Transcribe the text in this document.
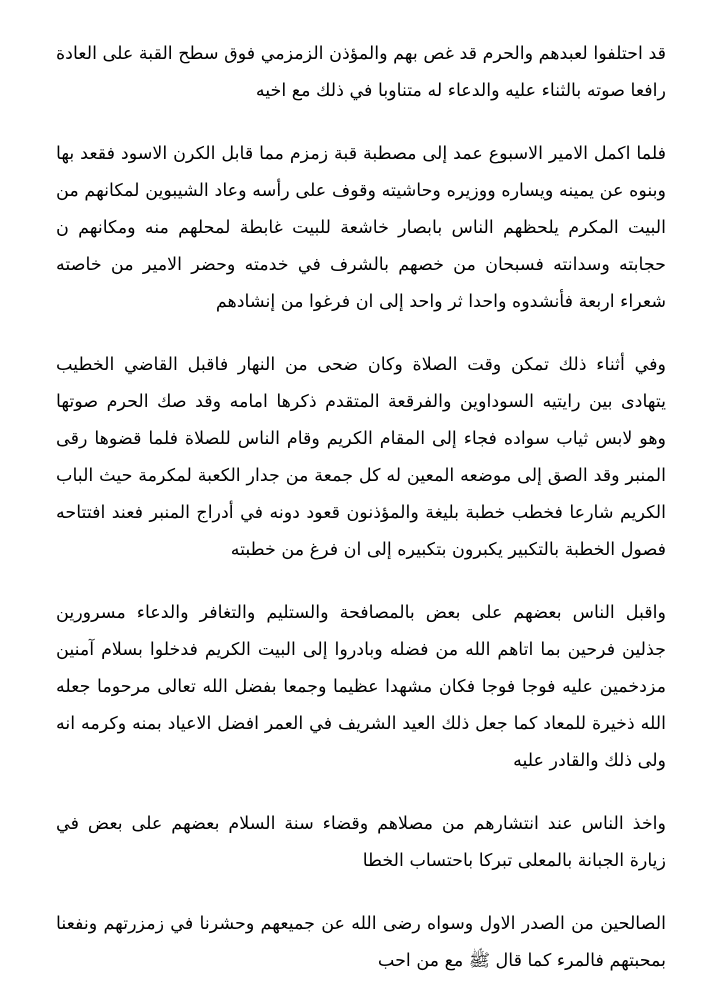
قد احتلفوا لعبدهم والحرم قد غص بهم والمؤذن الزمزمي فوق سطح القبة على العادة
رافعا صوته بالثناء عليه والدعاء له متناوبا في ذلك مع اخيه
فلما اكمل الامير الاسبوع عمد إلى مصطبة قبة زمزم مما قابل الكرن الاسود فقعد بها
وبنوه عن يمينه ويساره ووزيره وحاشيته وقوف على رأسه وعاد الشيبوين لمكانهم من
البيت المكرم يلحظهم الناس بابصار خاشعة للبيت غابطة لمحلهم منه ومكانهم ن
حجابته وسدانته فسبحان من خصهم بالشرف في خدمته وحضر الامير من خاصته
شعراء اربعة فأنشدوه واحدا ثر واحد إلى ان فرغوا من إنشادهم
وفي أثناء ذلك تمكن وقت الصلاة وكان ضحى من النهار فاقبل القاضي الخطيب
يتهادى بين رايتيه السوداوين والفرقعة المتقدم ذكرها امامه وقد صك الحرم صوتها
وهو لابس ثياب سواده فجاء إلى المقام الكريم وقام الناس للصلاة فلما قضوها رقى
المنبر وقد الصق إلى موضعه المعين له كل جمعة من جدار الكعبة لمكرمة حيث الباب
الكريم شارعا فخطب خطبة بليغة والمؤذنون قعود دونه في أدراج المنبر فعند افتتاحه
فصول الخطبة بالتكبير يكبرون بتكبيره إلى ان فرغ من خطبته
واقبل الناس بعضهم على بعض بالمصافحة والستليم والتغافر والدعاء مسرورين
جذلين فرحين بما اتاهم الله من فضله وبادروا إلى البيت الكريم فدخلوا بسلام آمنين
مزدخمين عليه فوجا فوجا فكان مشهدا عظيما وجمعا بفضل الله تعالى مرحوما جعله
الله ذخيرة للمعاد كما جعل ذلك العيد الشريف في العمر افضل الاعياد بمنه وكرمه انه
ولى ذلك والقادر عليه
واخذ الناس عند انتشارهم من مصلاهم وقضاء سنة السلام بعضهم على بعض في
زيارة الجبانة بالمعلى تبركا باحتساب الخطا
الصالحين من الصدر الاول وسواه رضى الله عن جميعهم وحشرنا في زمزرتهم ونفعنا
بمحبتهم فالمرء كما قال ﷺ مع من احب
